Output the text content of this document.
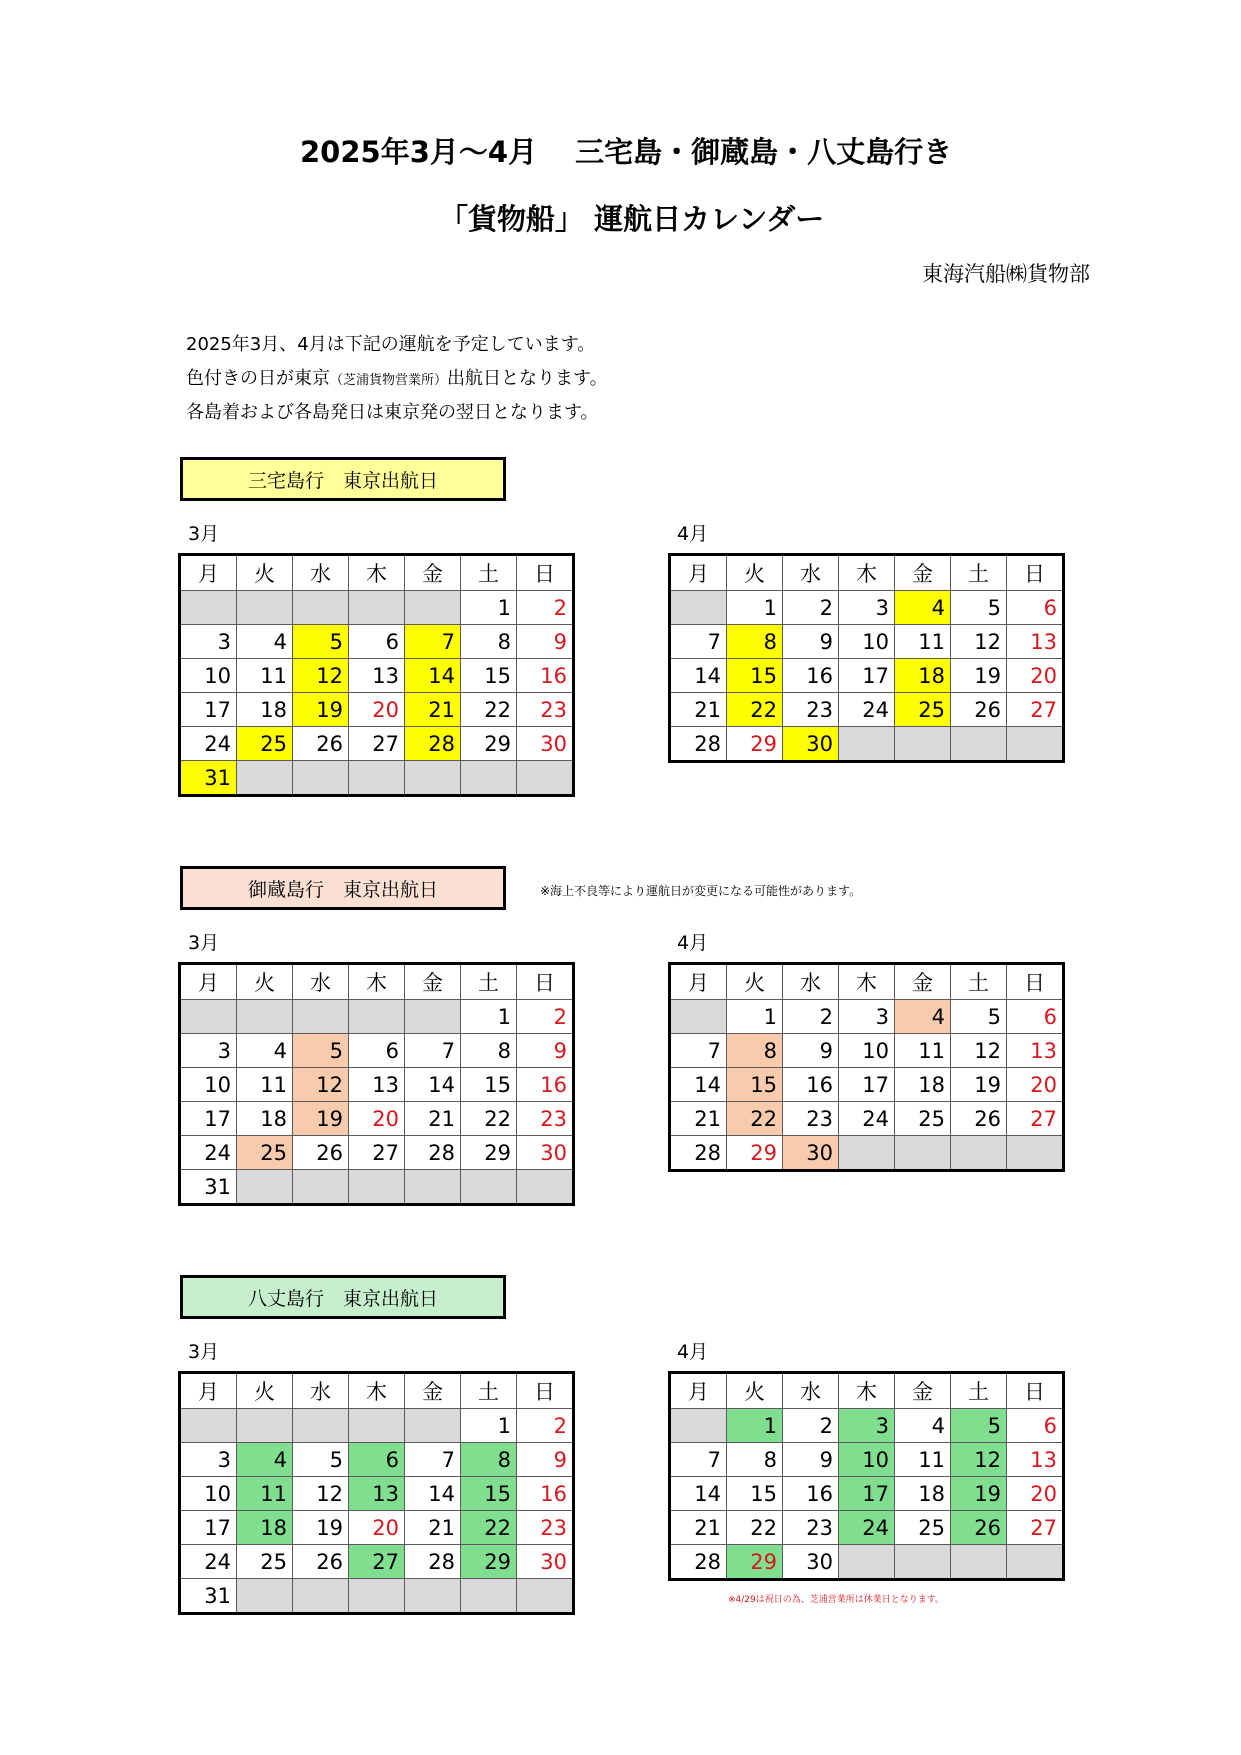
2025年3月～4月 三宅島・御蔵島・八丈島行き
「貨物船」 運航日カレンダー
東海汽船㈱貨物部
2025年3月、4月は下記の運航を予定しています。
色付きの日が東京（芝浦貨物営業所）出航日となります。
各島着および各島発日は東京発の翌日となります。
三宅島行　東京出航日
3月	4月
月	火	水	木	金	土	日
					1	2
3	4	5	6	7	8	9
10	11	12	13	14	15	16
17	18	19	20	21	22	23
24	25	26	27	28	29	30
31						
月	火	水	木	金	土	日
	1	2	3	4	5	6
7	8	9	10	11	12	13
14	15	16	17	18	19	20
21	22	23	24	25	26	27
28	29	30				
御蔵島行　東京出航日	※海上不良等により運航日が変更になる可能性があります。
3月	4月
月	火	水	木	金	土	日
					1	2
3	4	5	6	7	8	9
10	11	12	13	14	15	16
17	18	19	20	21	22	23
24	25	26	27	28	29	30
31						
月	火	水	木	金	土	日
	1	2	3	4	5	6
7	8	9	10	11	12	13
14	15	16	17	18	19	20
21	22	23	24	25	26	27
28	29	30				
八丈島行　東京出航日
3月	4月
月	火	水	木	金	土	日
					1	2
3	4	5	6	7	8	9
10	11	12	13	14	15	16
17	18	19	20	21	22	23
24	25	26	27	28	29	30
31						
月	火	水	木	金	土	日
	1	2	3	4	5	6
7	8	9	10	11	12	13
14	15	16	17	18	19	20
21	22	23	24	25	26	27
28	29	30				
※4/29は祝日の為、芝浦営業所は休業日となります。
